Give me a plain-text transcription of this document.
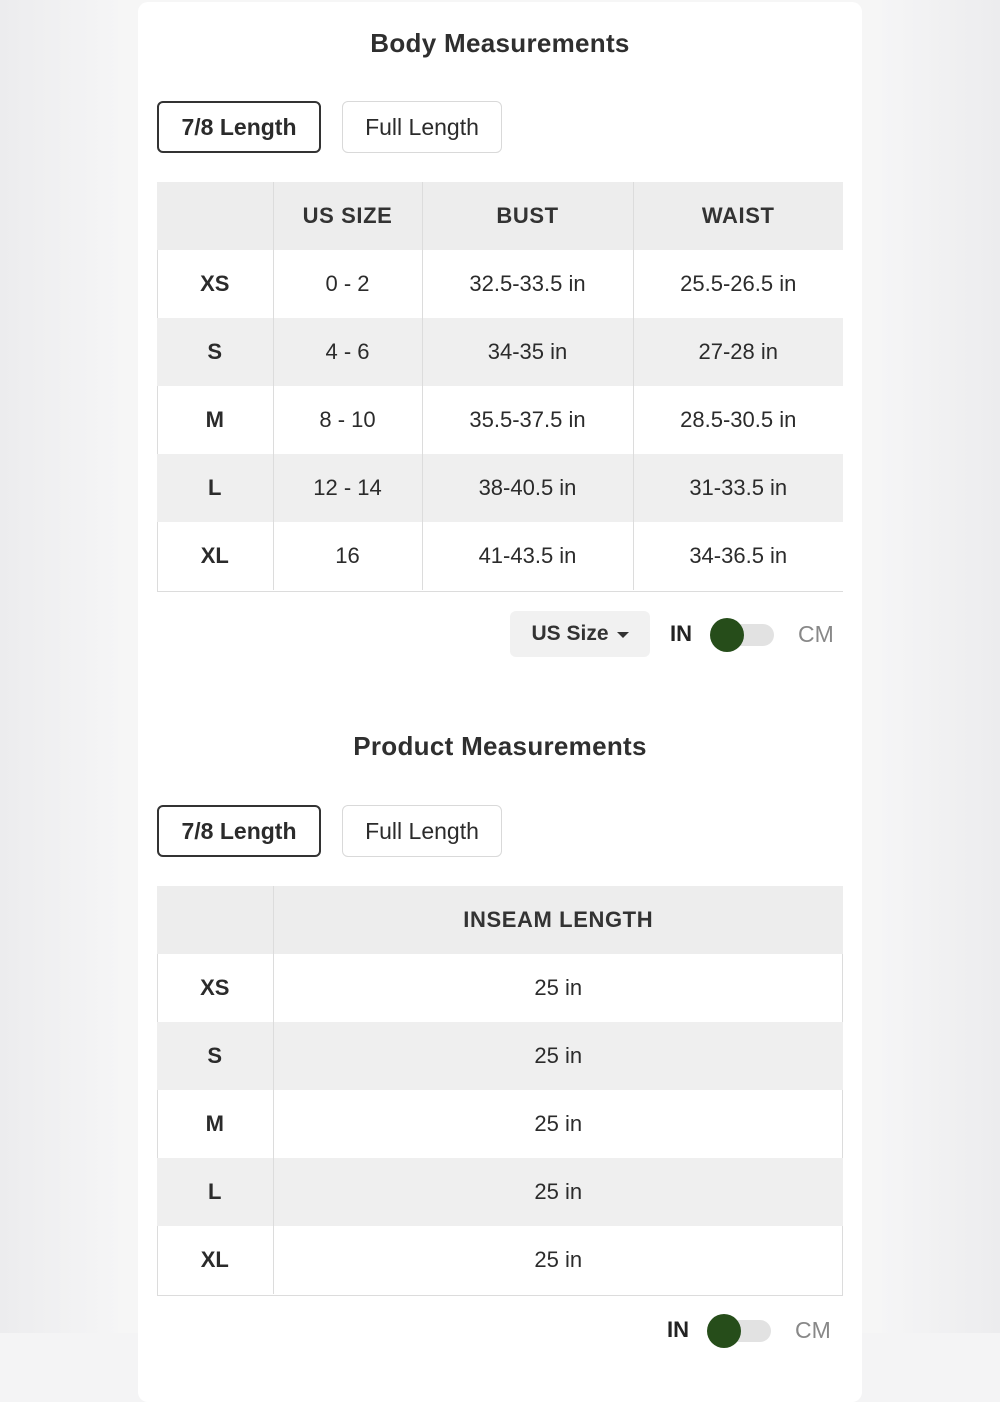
Body Measurements
7/8 Length	Full Length
	US SIZE	BUST	WAIST
XS	0 - 2	32.5-33.5 in	25.5-26.5 in
S	4 - 6	34-35 in	27-28 in
M	8 - 10	35.5-37.5 in	28.5-30.5 in
L	12 - 14	38-40.5 in	31-33.5 in
XL	16	41-43.5 in	34-36.5 in
US Size	IN	CM
Product Measurements
7/8 Length	Full Length
	INSEAM LENGTH
XS	25 in
S	25 in
M	25 in
L	25 in
XL	25 in
IN	CM
